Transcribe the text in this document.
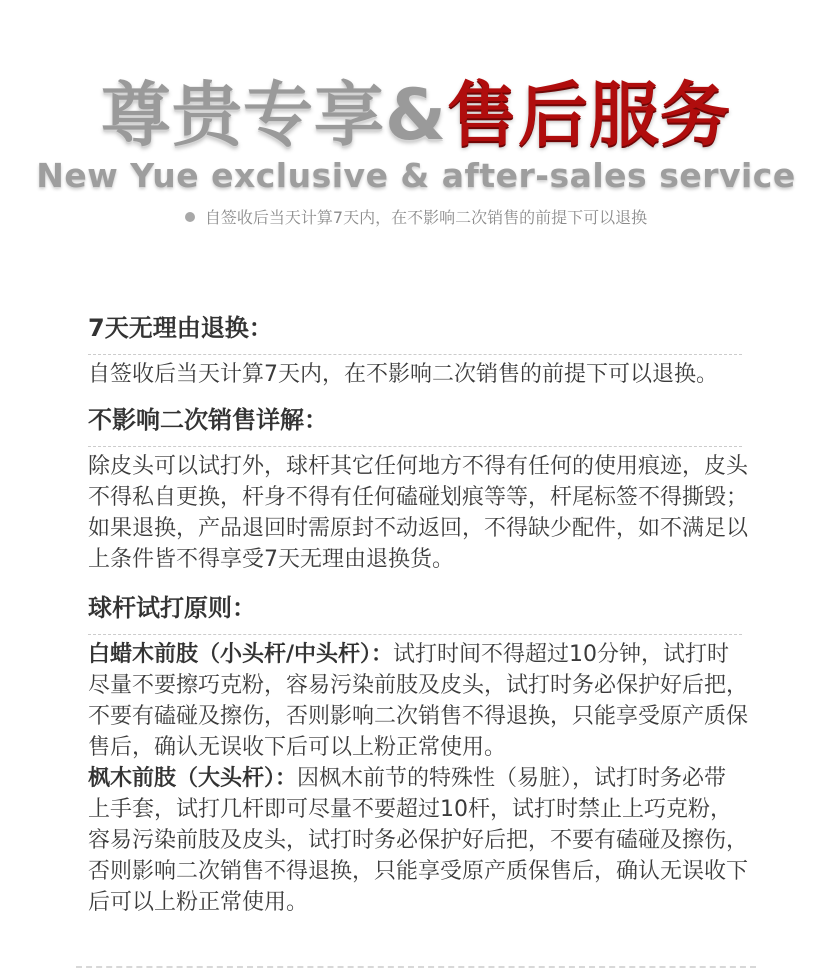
尊贵专享&售后服务
New Yue exclusive & after-sales service
自签收后当天计算7天内，在不影响二次销售的前提下可以退换
7天无理由退换：

自签收后当天计算7天内，在不影响二次销售的前提下可以退换。

不影响二次销售详解：

除皮头可以试打外，球杆其它任何地方不得有任何的使用痕迹，皮头不得私自更换，杆身不得有任何磕碰划痕等等，杆尾标签不得撕毁；如果退换，产品退回时需原封不动返回，不得缺少配件，如不满足以上条件皆不得享受7天无理由退换货。

球杆试打原则：

白蜡木前肢（小头杆/中头杆）：试打时间不得超过10分钟，试打时尽量不要擦巧克粉，容易污染前肢及皮头，试打时务必保护好后把，不要有磕碰及擦伤，否则影响二次销售不得退换，只能享受原产质保售后，确认无误收下后可以上粉正常使用。

枫木前肢（大头杆）：因枫木前节的特殊性（易脏），试打时务必带上手套，试打几杆即可尽量不要超过10杆，试打时禁止上巧克粉，容易污染前肢及皮头，试打时务必保护好后把，不要有磕碰及擦伤，否则影响二次销售不得退换，只能享受原产质保售后，确认无误收下后可以上粉正常使用。
